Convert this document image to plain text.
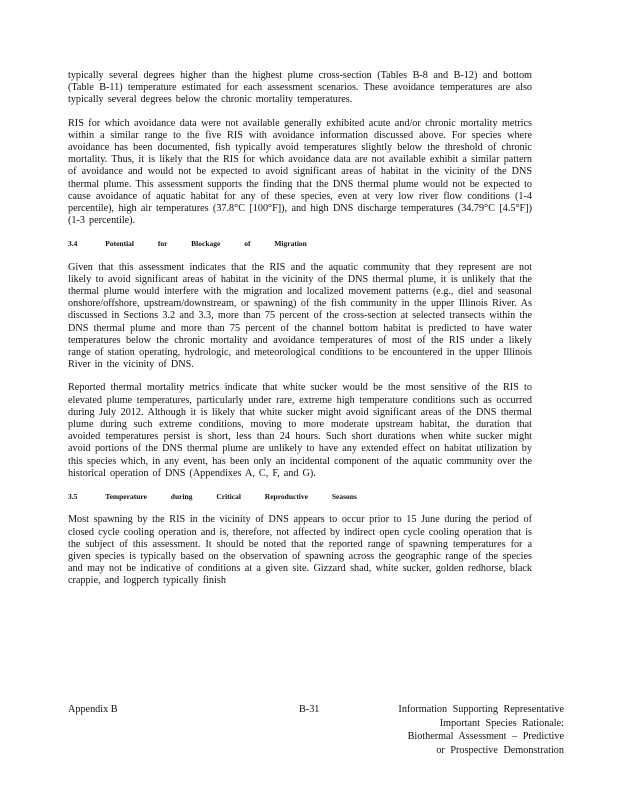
typically several degrees higher than the highest plume cross-section (Tables B-8 and B-12) and bottom (Table B-11) temperature estimated for each assessment scenarios. These avoidance temperatures are also typically several degrees below the chronic mortality temperatures.

RIS for which avoidance data were not available generally exhibited acute and/or chronic mortality metrics within a similar range to the five RIS with avoidance information discussed above. For species where avoidance has been documented, fish typically avoid temperatures slightly below the threshold of chronic mortality. Thus, it is likely that the RIS for which avoidance data are not available exhibit a similar pattern of avoidance and would not be expected to avoid significant areas of habitat in the vicinity of the DNS thermal plume. This assessment supports the finding that the DNS thermal plume would not be expected to cause avoidance of aquatic habitat for any of these species, even at very low river flow conditions (1-4 percentile), high air temperatures (37.8°C [100°F]), and high DNS discharge temperatures (34.79°C [4.5°F]) (1-3 percentile).

3.4	Potential for Blockage of Migration

Given that this assessment indicates that the RIS and the aquatic community that they represent are not likely to avoid significant areas of habitat in the vicinity of the DNS thermal plume, it is unlikely that the thermal plume would interfere with the migration and localized movement patterns (e.g., diel and seasonal onshore/offshore, upstream/downstream, or spawning) of the fish community in the upper Illinois River. As discussed in Sections 3.2 and 3.3, more than 75 percent of the cross-section at selected transects within the DNS thermal plume and more than 75 percent of the channel bottom habitat is predicted to have water temperatures below the chronic mortality and avoidance temperatures of most of the RIS under a likely range of station operating, hydrologic, and meteorological conditions to be encountered in the upper Illinois River in the vicinity of DNS.

Reported thermal mortality metrics indicate that white sucker would be the most sensitive of the RIS to elevated plume temperatures, particularly under rare, extreme high temperature conditions such as occurred during July 2012. Although it is likely that white sucker might avoid significant areas of the DNS thermal plume during such extreme conditions, moving to more moderate upstream habitat, the duration that avoided temperatures persist is short, less than 24 hours. Such short durations when white sucker might avoid portions of the DNS thermal plume are unlikely to have any extended effect on habitat utilization by this species which, in any event, has been only an incidental component of the aquatic community over the historical operation of DNS (Appendixes A, C, F, and G).

3.5	Temperature during Critical Reproductive Seasons

Most spawning by the RIS in the vicinity of DNS appears to occur prior to 15 June during the period of closed cycle cooling operation and is, therefore, not affected by indirect open cycle cooling operation that is the subject of this assessment. It should be noted that the reported range of spawning temperatures for a given species is typically based on the observation of spawning across the geographic range of the species and may not be indicative of conditions at a given site. Gizzard shad, white sucker, golden redhorse, black crappie, and logperch typically finish

Appendix B	B-31	Information Supporting Representative
Important Species Rationale:
Biothermal Assessment – Predictive
or Prospective Demonstration
